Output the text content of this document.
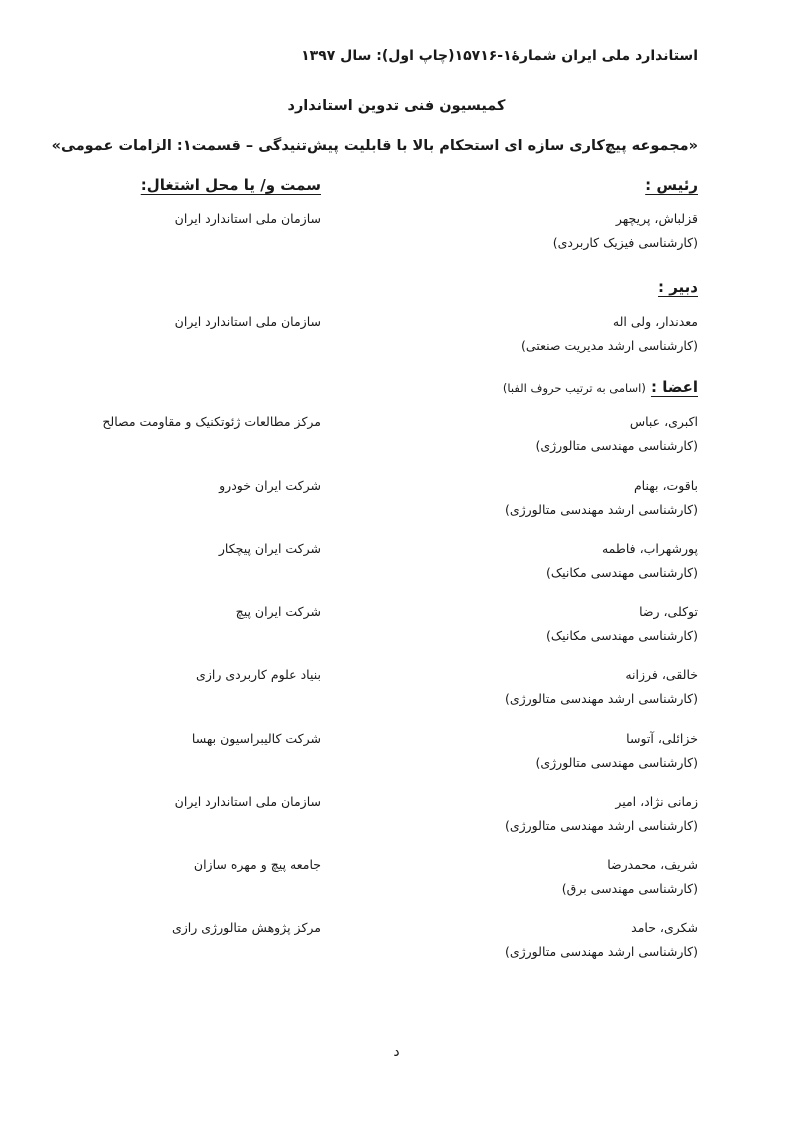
استاندارد ملی ایران شمارۀ۱-۱۵۷۱۶(چاپ اول): سال ۱۳۹۷
کمیسیون فنی تدوین استاندارد
«مجموعه پیچ‌کاری سازه ای استحکام بالا با قابلیت پیش‌تنیدگی – قسمت۱: الزامات عمومی»
رئیس :
سمت و/ یا محل اشتغال:
قزلباش، پریچهر
(کارشناسی فیزیک کاربردی)
سازمان ملی استاندارد ایران
دبیر :
معدندار، ولی اله
(کارشناسی ارشد مدیریت صنعتی)
سازمان ملی استاندارد ایران
اعضا : (اسامی به ترتیب حروف الفبا)
اکبری، عباس
(کارشناسی مهندسی متالورژی)
مرکز مطالعات ژئوتکنیک و مقاومت مصالح
باقوت، بهنام
(کارشناسی ارشد مهندسی متالورژی)
شرکت ایران خودرو
پورشهراب، فاطمه
(کارشناسی مهندسی مکانیک)
شرکت ایران پیچکار
توکلی، رضا
(کارشناسی مهندسی مکانیک)
شرکت ایران پیچ
خالقی، فرزانه
(کارشناسی ارشد مهندسی متالورژی)
بنیاد علوم کاربردی رازی
خزائلی، آتوسا
(کارشناسی مهندسی متالورژی)
شرکت کالیبراسیون بهسا
زمانی نژاد، امیر
(کارشناسی ارشد مهندسی متالورژی)
سازمان ملی استاندارد ایران
شریف، محمدرضا
(کارشناسی مهندسی برق)
جامعه پیچ و مهره سازان
شکری، حامد
(کارشناسی ارشد مهندسی متالورژی)
مرکز پژوهش متالورژی رازی
د
